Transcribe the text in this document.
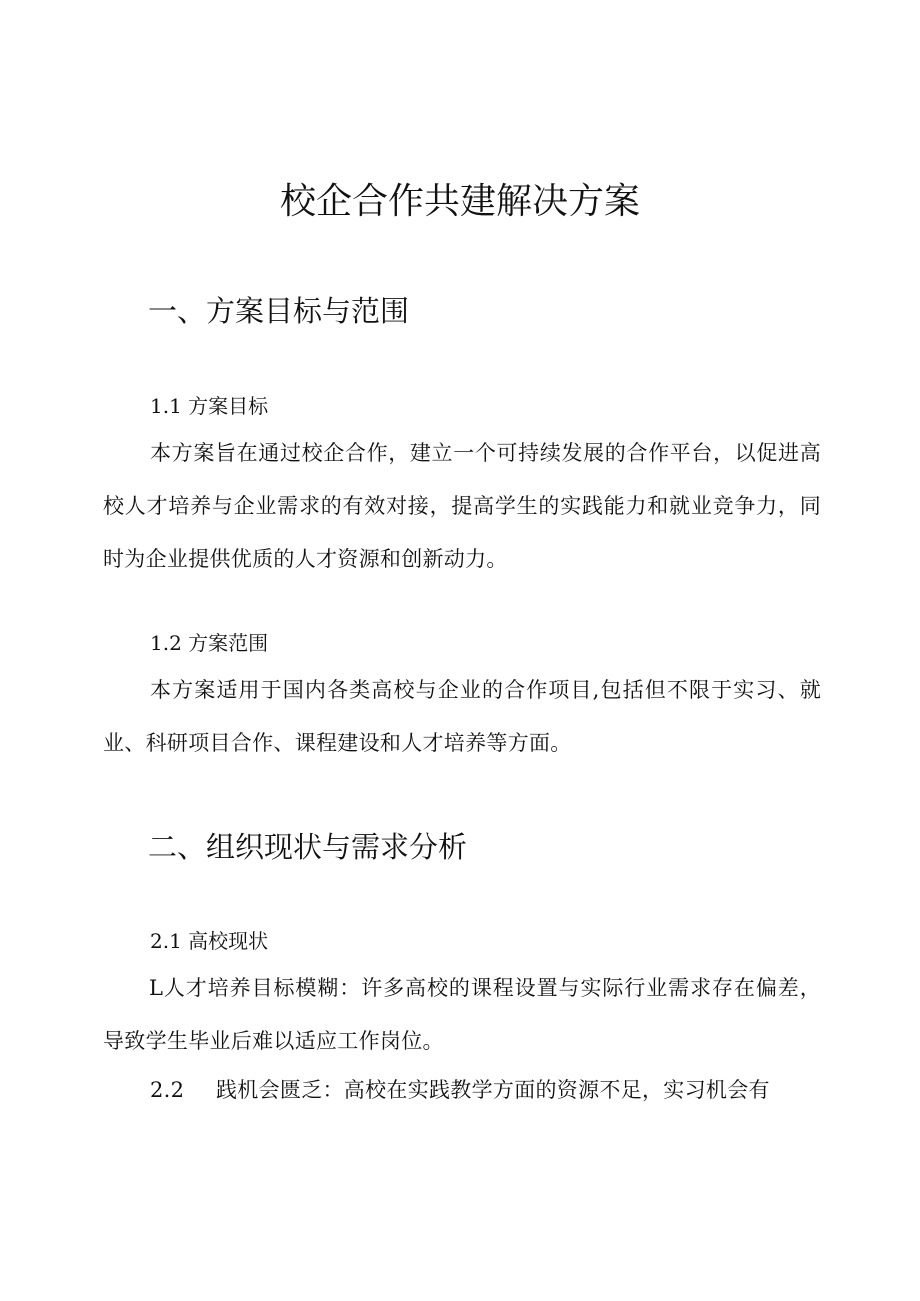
校企合作共建解决方案
一、方案目标与范围
1.1 方案目标

本方案旨在通过校企合作，建立一个可持续发展的合作平台，以促进高校人才培养与企业需求的有效对接，提高学生的实践能力和就业竞争力，同时为企业提供优质的人才资源和创新动力。

1.2 方案范围

本方案适用于国内各类高校与企业的合作项目,包括但不限于实习、就业、科研项目合作、课程建设和人才培养等方面。

二、组织现状与需求分析
2.1 高校现状

L人才培养目标模糊：许多高校的课程设置与实际行业需求存在偏差，导致学生毕业后难以适应工作岗位。

2.2 践机会匮乏：高校在实践教学方面的资源不足，实习机会有
